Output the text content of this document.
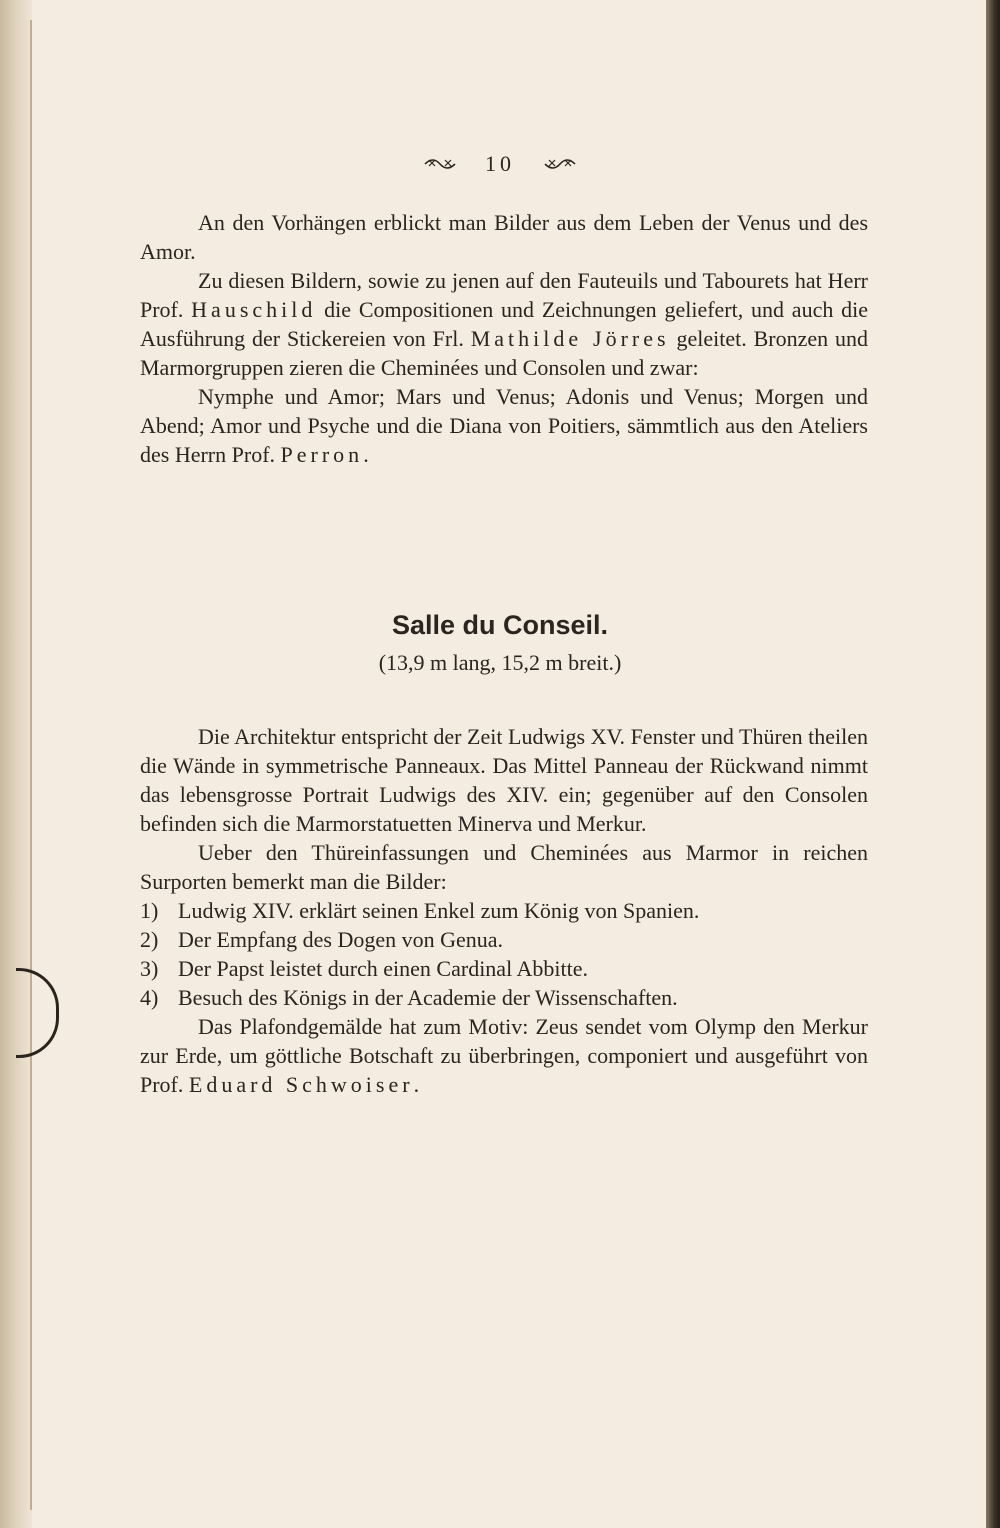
10

An den Vorhängen erblickt man Bilder aus dem Leben der Venus und des Amor.

Zu diesen Bildern, sowie zu jenen auf den Fauteuils und Tabourets hat Herr Prof. Hauschild die Compositionen und Zeichnungen geliefert, und auch die Ausführung der Stickereien von Frl. Mathilde Jörres geleitet. Bronzen und Marmorgruppen zieren die Cheminées und Consolen und zwar:

Nymphe und Amor; Mars und Venus; Adonis und Venus; Morgen und Abend; Amor und Psyche und die Diana von Poitiers, sämmtlich aus den Ateliers des Herrn Prof. Perron.

Salle du Conseil.
(13,9 m lang, 15,2 m breit.)

Die Architektur entspricht der Zeit Ludwigs XV. Fenster und Thüren theilen die Wände in symmetrische Panneaux. Das Mittel Panneau der Rückwand nimmt das lebensgrosse Portrait Ludwigs des XIV. ein; gegenüber auf den Consolen befinden sich die Marmorstatuetten Minerva und Merkur.

Ueber den Thüreinfassungen und Cheminées aus Marmor in reichen Surporten bemerkt man die Bilder:

1) Ludwig XIV. erklärt seinen Enkel zum König von Spanien.
2) Der Empfang des Dogen von Genua.
3) Der Papst leistet durch einen Cardinal Abbitte.
4) Besuch des Königs in der Academie der Wissenschaften.

Das Plafondgemälde hat zum Motiv: Zeus sendet vom Olymp den Merkur zur Erde, um göttliche Botschaft zu überbringen, componiert und ausgeführt von Prof. Eduard Schwoiser.
